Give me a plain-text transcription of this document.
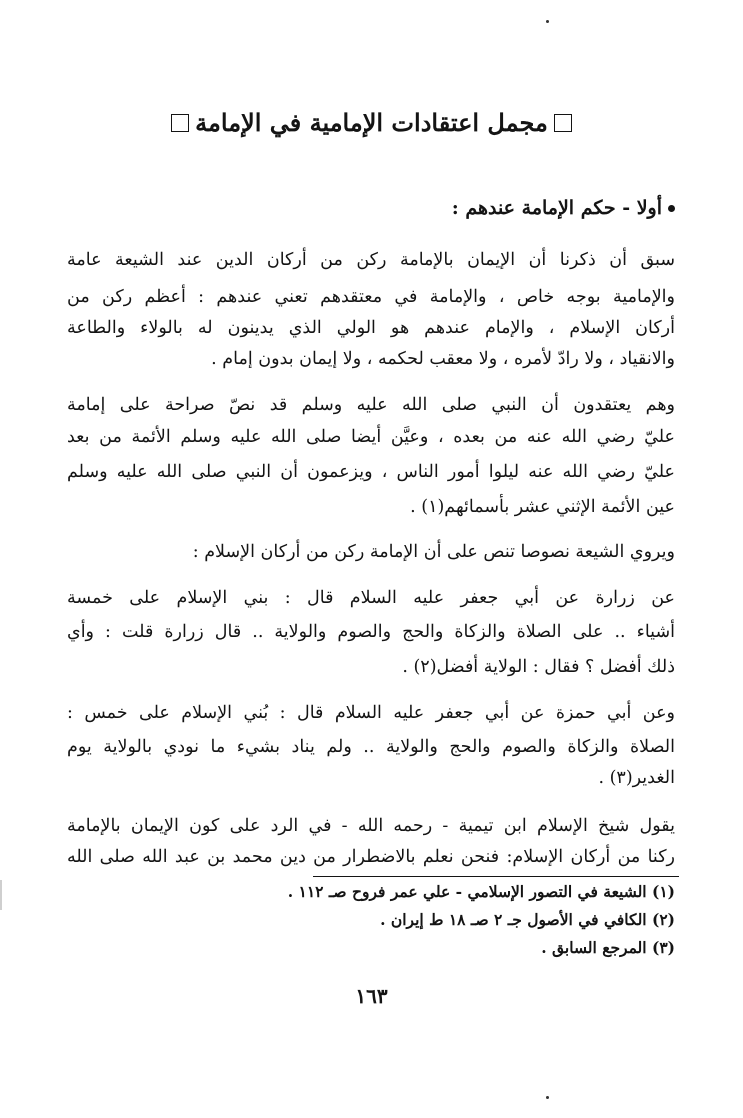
مجمل اعتقادات الإمامية في الإمامة
أولا - حكم الإمامة عندهم :
سبق أن ذكرنا أن الإيمان بالإمامة ركن من أركان الدين عند الشيعة عامة
والإمامية بوجه خاص ، والإمامة في معتقدهم تعني عندهم : أعظم ركن من
أركان الإسلام ، والإمام عندهم هو الولي الذي يدينون له بالولاء والطاعة
والانقياد ، ولا رادّ لأمره ، ولا معقب لحكمه ، ولا إيمان بدون إمام .
وهم يعتقدون أن النبي صلى الله عليه وسلم قد نصّ صراحة على إمامة
عليّ رضي الله عنه من بعده ، وعيَّن أيضا صلى الله عليه وسلم الأئمة من بعد
عليّ رضي الله عنه ليلوا أمور الناس ، ويزعمون أن النبي صلى الله عليه وسلم
عين الأئمة الإثني عشر بأسمائهم(١) .
ويروي الشيعة نصوصا تنص على أن الإمامة ركن من أركان الإسلام :
عن زرارة عن أبي جعفر عليه السلام قال : بني الإسلام على خمسة
أشياء .. على الصلاة والزكاة والحج والصوم والولاية .. قال زرارة قلت : وأي
ذلك أفضل ؟ فقال : الولاية أفضل(٢) .
وعن أبي حمزة عن أبي جعفر عليه السلام قال : بُني الإسلام على خمس :
الصلاة والزكاة والصوم والحج والولاية .. ولم يناد بشيء ما نودي بالولاية يوم
الغدير(٣) .
يقول شيخ الإسلام ابن تيمية - رحمه الله - في الرد على كون الإيمان بالإمامة
ركنا من أركان الإسلام: فنحن نعلم بالاضطرار من دين محمد بن عبد الله صلى الله
(١) الشيعة في التصور الإسلامي - علي عمر فروح صـ ١١٢ .
(٢) الكافي في الأصول جـ ٢ صـ ١٨ ط إيران .
(٣) المرجع السابق .
١٦٣
